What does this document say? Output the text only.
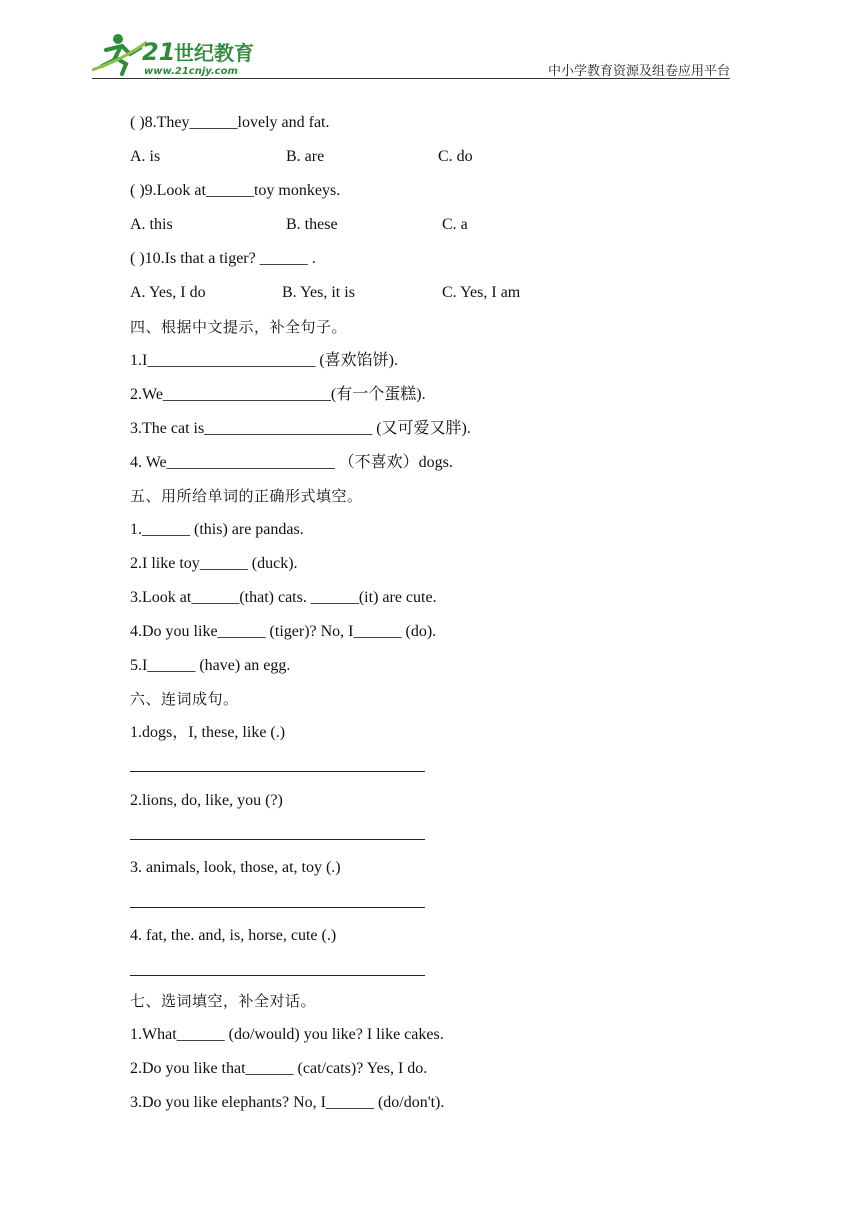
21
世纪教育
www.21cnjy.com	中小学教育资源及组卷应用平台
( )8.They______lovely and fat.
A. is	B. are	C. do
( )9.Look at______toy monkeys.
A. this	B. these	C. a
( )10.Is that a tiger? ______ .
A. Yes, I do	B. Yes, it is	C. Yes, I am
四、根据中文提示，补全句子。
1.I_____________________ (喜欢馅饼).
2.We_____________________(有一个蛋糕).
3.The cat is_____________________ (又可爱又胖).
4. We_____________________ （不喜欢）dogs.
五、用所给单词的正确形式填空。
1.______ (this) are pandas.
2.I like toy______ (duck).
3.Look at______(that) cats. ______(it) are cute.
4.Do you like______ (tiger)? No, I______ (do).
5.I______ (have) an egg.
六、连词成句。
1.dogs，I, these, like (.)
2.lions, do, like, you (?)
3. animals, look, those, at, toy (.)
4. fat, the. and, is, horse, cute (.)
七、选词填空，补全对话。
1.What______ (do/would) you like? I like cakes.
2.Do you like that______ (cat/cats)? Yes, I do.
3.Do you like elephants? No, I______ (do/don't).
